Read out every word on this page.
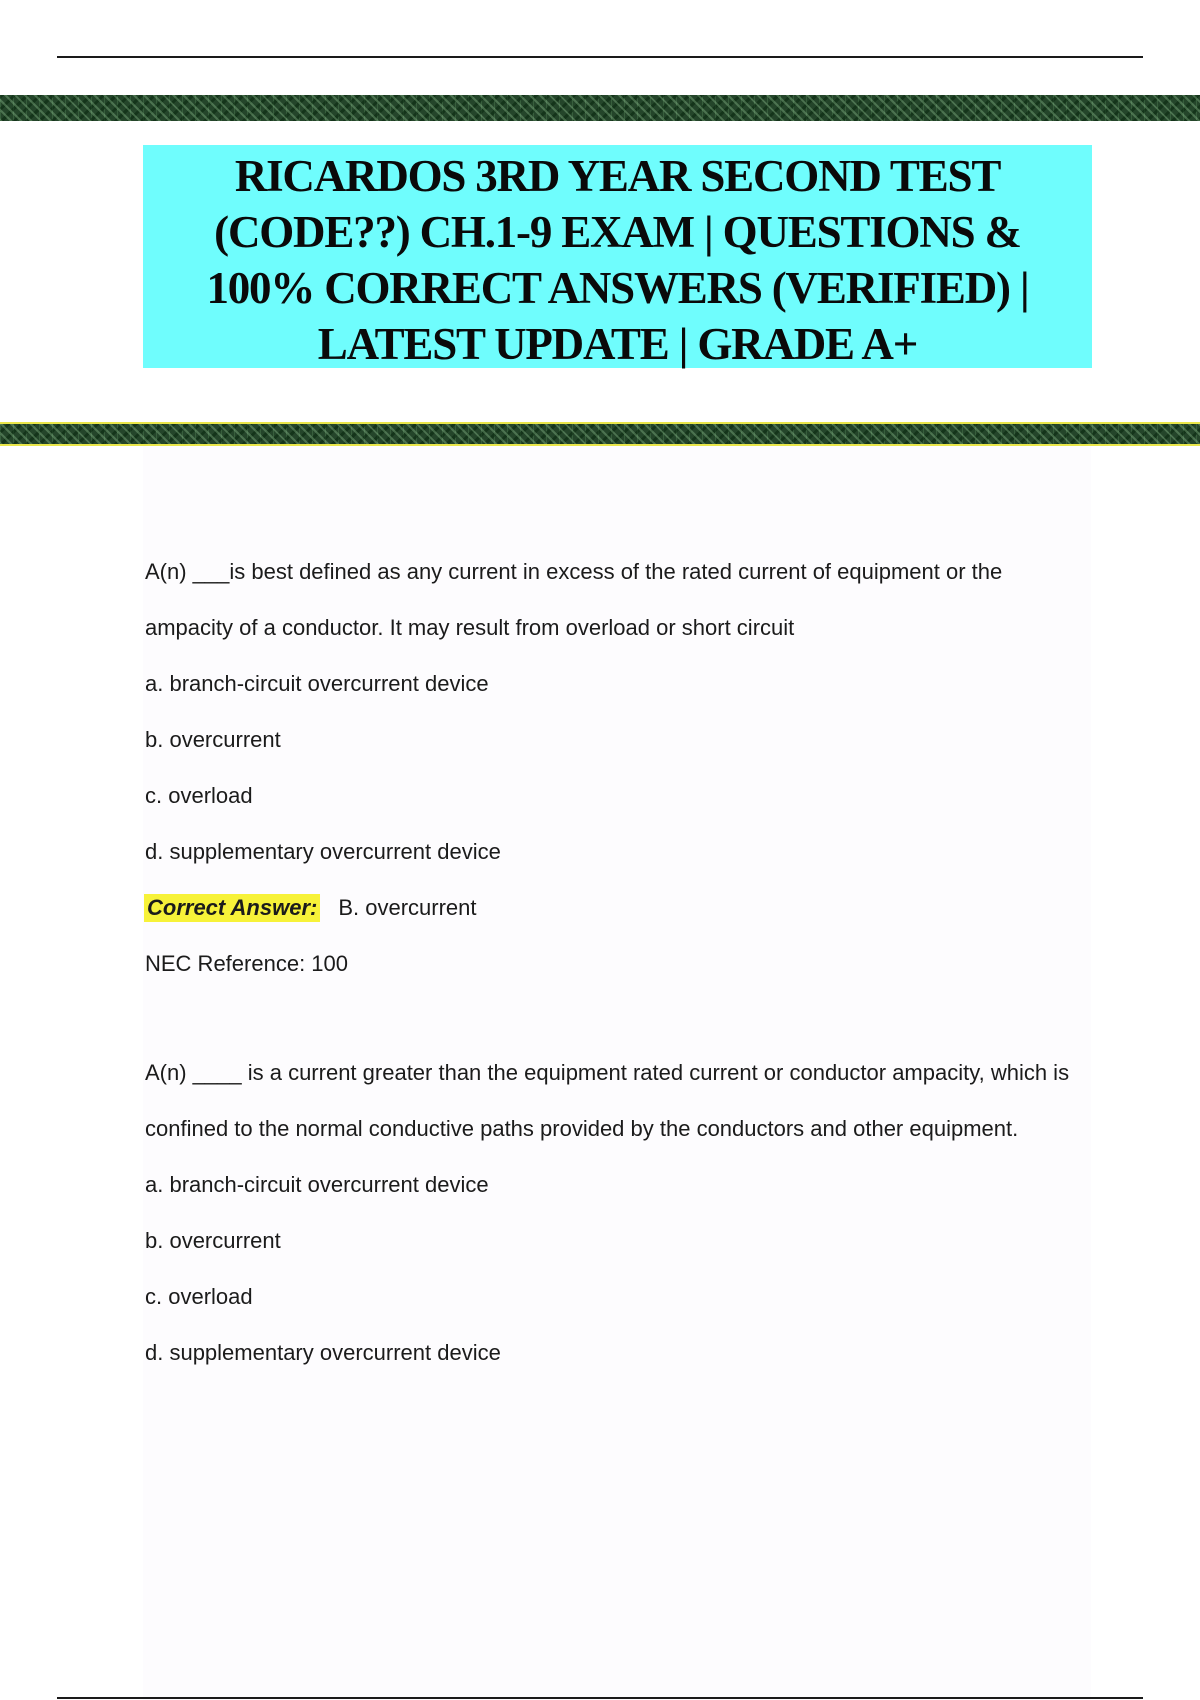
RICARDOS 3RD YEAR SECOND TEST (CODE??) CH.1-9 EXAM | QUESTIONS & 100% CORRECT ANSWERS (VERIFIED) | LATEST UPDATE | GRADE A+

A(n) ___is best defined as any current in excess of the rated current of equipment or the ampacity of a conductor. It may result from overload or short circuit

a. branch-circuit overcurrent device

b. overcurrent

c. overload

d. supplementary overcurrent device

Correct Answer: B. overcurrent

NEC Reference: 100

A(n) ____ is a current greater than the equipment rated current or conductor ampacity, which is confined to the normal conductive paths provided by the conductors and other equipment.

a. branch-circuit overcurrent device

b. overcurrent

c. overload

d. supplementary overcurrent device
